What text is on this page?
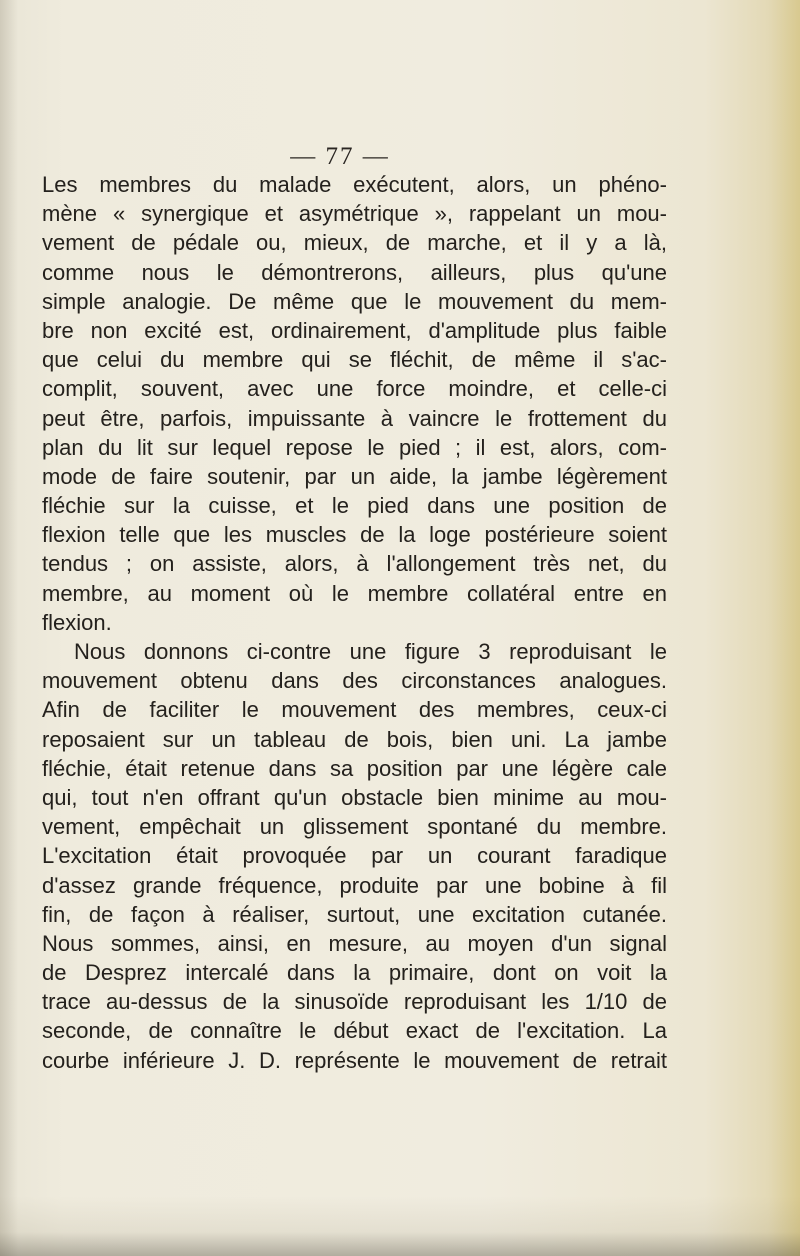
— 77 —
Les membres du malade exécutent, alors, un phéno-
mène « synergique et asymétrique », rappelant un mou-
vement de pédale ou, mieux, de marche, et il y a là,
comme nous le démontrerons, ailleurs, plus qu'une
simple analogie. De même que le mouvement du mem-
bre non excité est, ordinairement, d'amplitude plus faible
que celui du membre qui se fléchit, de même il s'ac-
complit, souvent, avec une force moindre, et celle-ci
peut être, parfois, impuissante à vaincre le frottement du
plan du lit sur lequel repose le pied ; il est, alors, com-
mode de faire soutenir, par un aide, la jambe légèrement
fléchie sur la cuisse, et le pied dans une position de
flexion telle que les muscles de la loge postérieure soient
tendus ; on assiste, alors, à l'allongement très net, du
membre, au moment où le membre collatéral entre en
flexion.
Nous donnons ci-contre une figure 3 reproduisant le
mouvement obtenu dans des circonstances analogues.
Afin de faciliter le mouvement des membres, ceux-ci
reposaient sur un tableau de bois, bien uni. La jambe
fléchie, était retenue dans sa position par une légère cale
qui, tout n'en offrant qu'un obstacle bien minime au mou-
vement, empêchait un glissement spontané du membre.
L'excitation était provoquée par un courant faradique
d'assez grande fréquence, produite par une bobine à fil
fin, de façon à réaliser, surtout, une excitation cutanée.
Nous sommes, ainsi, en mesure, au moyen d'un signal
de Desprez intercalé dans la primaire, dont on voit la
trace au-dessus de la sinusoïde reproduisant les 1/10 de
seconde, de connaître le début exact de l'excitation. La
courbe inférieure J. D. représente le mouvement de retrait
